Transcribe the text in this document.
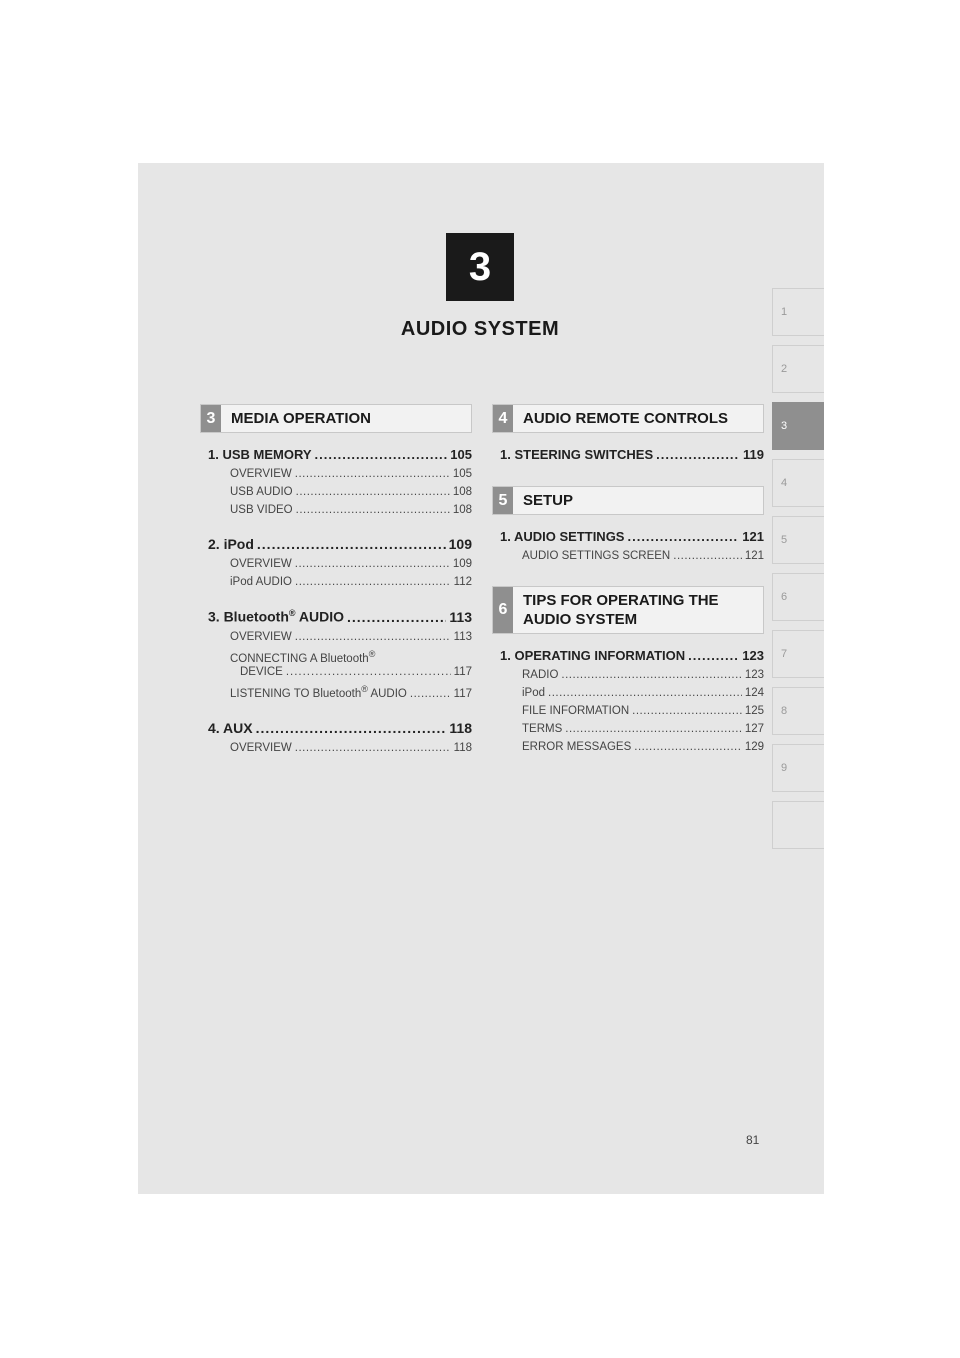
3
AUDIO SYSTEM
1
2
3
4
5
6
7
8
9
3	MEDIA OPERATION
1. USB MEMORY .....	105
OVERVIEW .....	105
USB AUDIO .....	108
USB VIDEO .....	108
2. iPod .....	109
OVERVIEW .....	109
iPod AUDIO .....	112
3. Bluetooth® AUDIO .....	113
OVERVIEW .....	113
CONNECTING A Bluetooth®
DEVICE .....	117
LISTENING TO Bluetooth® AUDIO .....	117
4. AUX .....	118
OVERVIEW .....	118
4	AUDIO REMOTE CONTROLS
1. STEERING SWITCHES .....	119
5	SETUP
1. AUDIO SETTINGS .....	121
AUDIO SETTINGS SCREEN .....	121
6
TIPS FOR OPERATING THE
AUDIO SYSTEM
1. OPERATING INFORMATION .....	123
RADIO .....	123
iPod .....	124
FILE INFORMATION .....	125
TERMS .....	127
ERROR MESSAGES .....	129
81
